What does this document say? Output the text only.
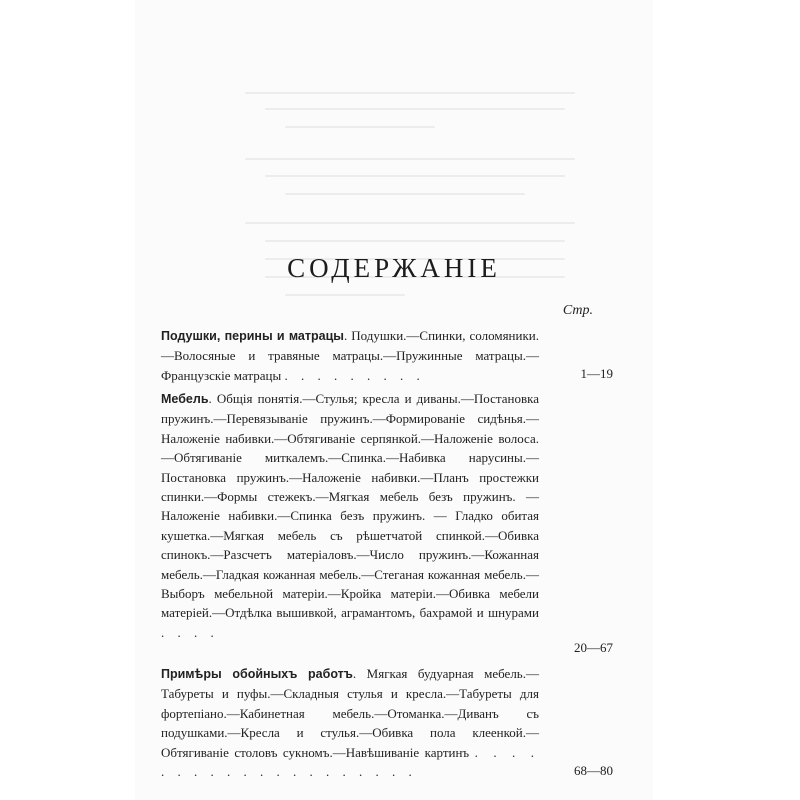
СОДЕРЖАНIЕ
Стр.
Подушки, перины и матрацы. Подушки.—Спинки, соломяники.—Волосяные и травяные матрацы.—Пружинные матрацы.—Французскіе матрацы . . . . . . . . .	1—19
Мебель. Общія понятія.—Стулья; кресла и диваны.—Постановка пружинъ.—Перевязываніе пружинъ.—Формированіе сидѣнья.—Наложеніе набивки.—Обтягиваніе серпянкой.—Наложеніе волоса.—Обтягиваніе миткалемъ.—Спинка.—Набивка нарусины.—Постановка пружинъ.—Наложеніе набивки.—Планъ простежки спинки.—Формы стежекъ.—Мягкая мебель безъ пружинъ. — Наложеніе набивки.—Спинка безъ пружинъ. — Гладко обитая кушетка.—Мягкая мебель съ рѣшетчатой спинкой.—Обивка спинокъ.—Разсчетъ матеріаловъ.—Число пружинъ.—Кожанная мебель.—Гладкая кожанная мебель.—Стеганая кожанная мебель.—Выборъ мебельной матеріи.—Кройка матеріи.—Обивка мебели матеріей.—Отдѣлка вышивкой, аграмантомъ, бахрамой и шнурами . . . .
20—67
Примѣры обойныхъ работъ. Мягкая будуарная мебель.—Табуреты и пуфы.—Складныя стулья и кресла.—Табуреты для фортепіано.—Кабинетная мебель.—Отоманка.—Диванъ съ подушками.—Кресла и стулья.—Обивка пола клеенкой.—Обтягиваніе столовъ сукномъ.—Навѣшиваніе картинъ . . . . . . . . . . . . . . . . . . . .	68—80
